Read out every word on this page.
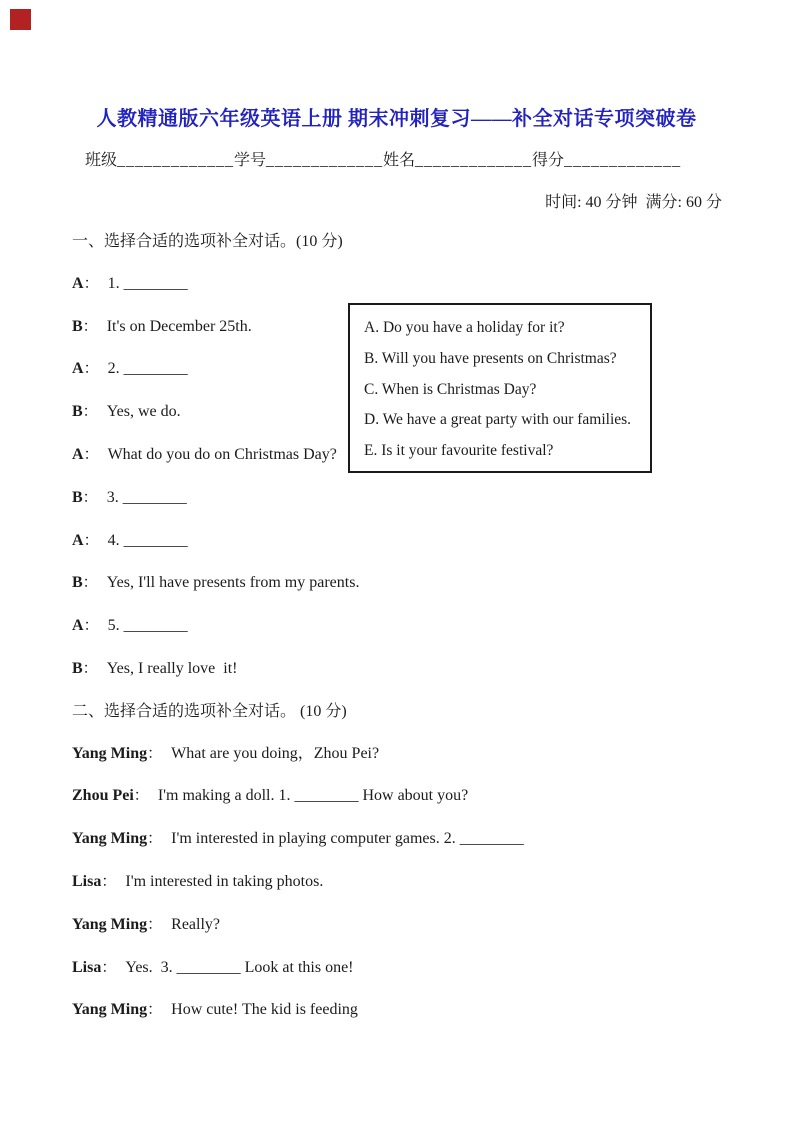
人教精通版六年级英语上册 期末冲刺复习——补全对话专项突破卷
班级_____________ 学号_____________ 姓名_____________ 得分_____________
时间: 40 分钟  满分: 60 分

A. Do you have a holiday for it?

B. Will you have presents on Christmas?

C. When is Christmas Day?

D. We have a great party with our families.

E. Is it your favourite festival?

一、选择合适的选项补全对话。(10 分)

A： 1. ________

B： It's on December 25th.

A： 2. ________

B： Yes, we do.

A： What do you do on Christmas Day?

B： 3. ________

A： 4. ________

B： Yes, I'll have presents from my parents.

A： 5. ________

B： Yes, I really love  it!

二、选择合适的选项补全对话。 (10 分)

Yang Ming： What are you doing，Zhou Pei?

Zhou Pei： I'm making a doll. 1. ________ How about you?

Yang Ming： I'm interested in playing computer games. 2. ________

Lisa： I'm interested in taking photos.

Yang Ming： Really?

Lisa： Yes.  3. ________ Look at this one!

Yang Ming： How cute! The kid is feeding
